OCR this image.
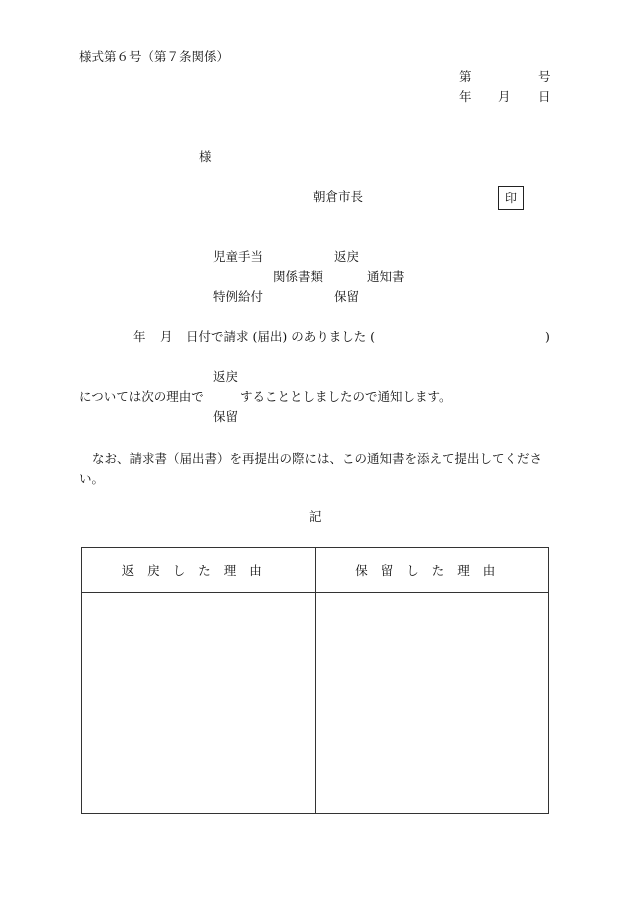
様式第６号（第７条関係）
第	号
年 月 日
様
朝倉市長	印
児童手当
特例給付
関係書類
返戻
保留
通知書
年 月 日付で請求 (届出) のありました (	)
返戻
については次の理由で	することとしましたので通知します。
保留
なお、請求書（届出書）を再提出の際には、この通知書を添えて提出してください。
記
返戻した理由	保留した理由
